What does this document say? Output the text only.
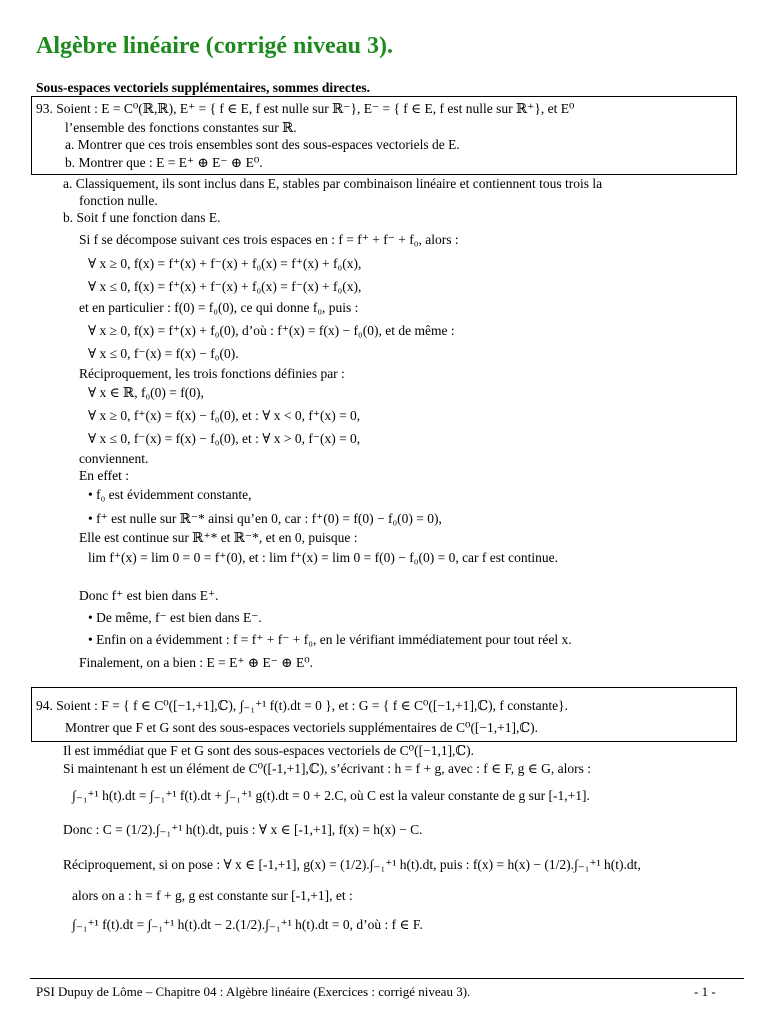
Algèbre linéaire (corrigé niveau 3).
Sous-espaces vectoriels supplémentaires, sommes directes.
93. Soient : E = C⁰(ℝ,ℝ), E⁺ = { f ∈ E, f est nulle sur ℝ⁻}, E⁻ = { f ∈ E, f est nulle sur ℝ⁺}, et E⁰
l’ensemble des fonctions constantes sur ℝ.
a. Montrer que ces trois ensembles sont des sous-espaces vectoriels de E.
b. Montrer que : E = E⁺ ⊕ E⁻ ⊕ E⁰.
a. Classiquement, ils sont inclus dans E, stables par combinaison linéaire et contiennent tous trois la
fonction nulle.
b. Soit f une fonction dans E.
Si f se décompose suivant ces trois espaces en : f = f⁺ + f⁻ + f₀, alors :
∀ x ≥ 0, f(x) = f⁺(x) + f⁻(x) + f₀(x) = f⁺(x) + f₀(x),
∀ x ≤ 0, f(x) = f⁺(x) + f⁻(x) + f₀(x) = f⁻(x) + f₀(x),
et en particulier : f(0) = f₀(0), ce qui donne f₀, puis :
∀ x ≥ 0, f(x) = f⁺(x) + f₀(0), d’où : f⁺(x) = f(x) − f₀(0), et de même :
∀ x ≤ 0, f⁻(x) = f(x) − f₀(0).
Réciproquement, les trois fonctions définies par :
∀ x ∈ ℝ, f₀(0) = f(0),
∀ x ≥ 0, f⁺(x) = f(x) − f₀(0), et : ∀ x < 0, f⁺(x) = 0,
∀ x ≤ 0, f⁻(x) = f(x) − f₀(0), et : ∀ x > 0, f⁻(x) = 0,
conviennent.
En effet :
• f₀ est évidemment constante,
• f⁺ est nulle sur ℝ⁻* ainsi qu’en 0, car : f⁺(0) = f(0) − f₀(0) = 0),
Elle est continue sur ℝ⁺* et ℝ⁻*, et en 0, puisque :
lim f⁺(x) = lim 0 = 0 = f⁺(0), et : lim f⁺(x) = lim 0 = f(0) − f₀(0) = 0, car f est continue.
Donc f⁺ est bien dans E⁺.
• De même, f⁻ est bien dans E⁻.
• Enfin on a évidemment : f = f⁺ + f⁻ + f₀, en le vérifiant immédiatement pour tout réel x.
Finalement, on a bien : E = E⁺ ⊕ E⁻ ⊕ E⁰.
94. Soient : F = { f ∈ C⁰([−1,+1],ℂ), ∫₋₁⁺¹ f(t).dt = 0 }, et : G = { f ∈ C⁰([−1,+1],ℂ), f constante}.
Montrer que F et G sont des sous-espaces vectoriels supplémentaires de C⁰([−1,+1],ℂ).
Il est immédiat que F et G sont des sous-espaces vectoriels de C⁰([−1,1],ℂ).
Si maintenant h est un élément de C⁰([-1,+1],ℂ), s’écrivant : h = f + g, avec : f ∈ F, g ∈ G, alors :
∫₋₁⁺¹ h(t).dt = ∫₋₁⁺¹ f(t).dt + ∫₋₁⁺¹ g(t).dt = 0 + 2.C, où C est la valeur constante de g sur [-1,+1].
Donc : C = (1/2).∫₋₁⁺¹ h(t).dt, puis : ∀ x ∈ [-1,+1], f(x) = h(x) − C.
Réciproquement, si on pose : ∀ x ∈ [-1,+1], g(x) = (1/2).∫₋₁⁺¹ h(t).dt, puis : f(x) = h(x) − (1/2).∫₋₁⁺¹ h(t).dt,
alors on a : h = f + g, g est constante sur [-1,+1], et :
∫₋₁⁺¹ f(t).dt = ∫₋₁⁺¹ h(t).dt − 2.(1/2).∫₋₁⁺¹ h(t).dt = 0, d’où : f ∈ F.
PSI Dupuy de Lôme – Chapitre 04 : Algèbre linéaire (Exercices : corrigé niveau 3).	- 1 -
